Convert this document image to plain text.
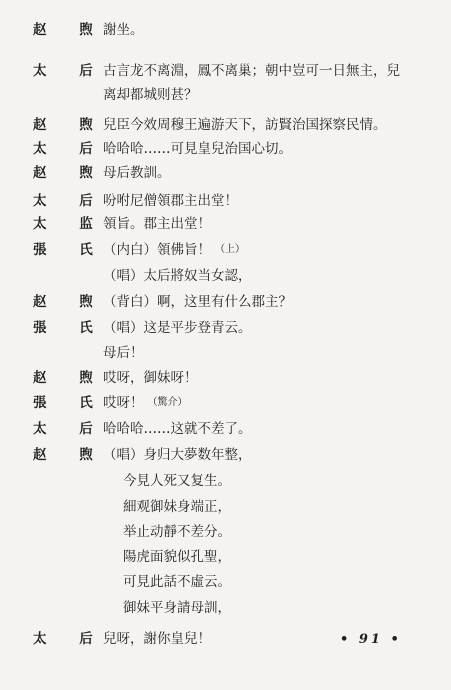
赵 煦
謝坐。
太 后
古言龙不离淵，鳳不离巢；朝中豈可一日無主，兒
离却都城则甚？
赵 煦
兒臣今效周穆王遍游天下，訪賢治国探察民情。
太 后
哈哈哈……可見皇兒治国心切。
赵 煦
母后教訓。
太 后
吩咐尼僧領郡主出堂！
太 监
領旨。郡主出堂！
張 氏
（内白）領佛旨！ （上）
（唱）太后將奴当女認，
赵 煦
（背白）啊，这里有什么郡主？
張 氏
（唱）这是平步登青云。
母后！
赵 煦
哎呀，御妹呀！
張 氏
哎呀！ （驚介）
太 后
哈哈哈……这就不差了。
赵 煦
（唱）身归大夢数年整，
今見人死又复生。
細观御妹身端正，
举止动靜不差分。
陽虎面貌似孔聖，
可見此話不虛云。
御妹平身請母訓，
太 后
兒呀，謝你皇兒！	• 91 •
